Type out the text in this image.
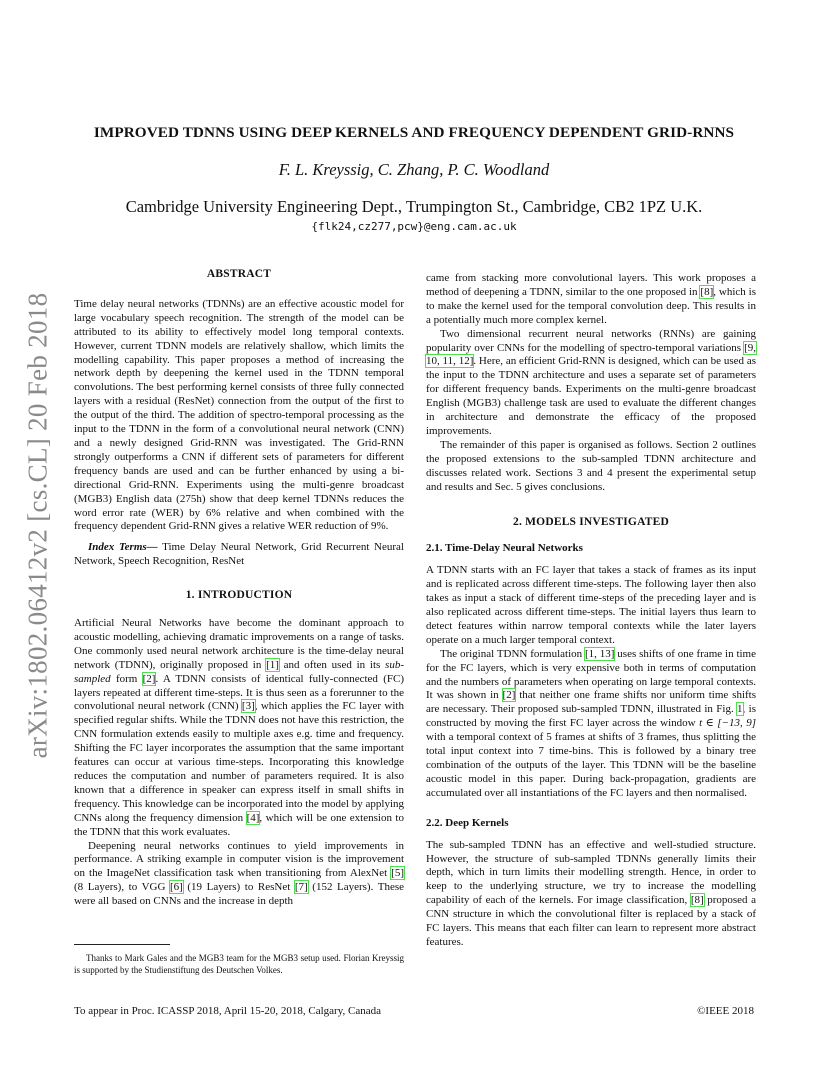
arXiv:1802.06412v2 [cs.CL] 20 Feb 2018
IMPROVED TDNNS USING DEEP KERNELS AND FREQUENCY DEPENDENT GRID-RNNS
F. L. Kreyssig, C. Zhang, P. C. Woodland
Cambridge University Engineering Dept., Trumpington St., Cambridge, CB2 1PZ U.K.
{flk24,cz277,pcw}@eng.cam.ac.uk
ABSTRACT

Time delay neural networks (TDNNs) are an effective acoustic model for large vocabulary speech recognition. The strength of the model can be attributed to its ability to effectively model long temporal contexts. However, current TDNN models are relatively shallow, which limits the modelling capability. This paper proposes a method of increasing the network depth by deepening the kernel used in the TDNN temporal convolutions. The best performing kernel consists of three fully connected layers with a residual (ResNet) connection from the output of the first to the output of the third. The addition of spectro-temporal processing as the input to the TDNN in the form of a convolutional neural network (CNN) and a newly designed Grid-RNN was investigated. The Grid-RNN strongly outperforms a CNN if different sets of parameters for different frequency bands are used and can be further enhanced by using a bi-directional Grid-RNN. Experiments using the multi-genre broadcast (MGB3) English data (275h) show that deep kernel TDNNs reduces the word error rate (WER) by 6% relative and when combined with the frequency dependent Grid-RNN gives a relative WER reduction of 9%.

Index Terms— Time Delay Neural Network, Grid Recurrent Neural Network, Speech Recognition, ResNet

1. INTRODUCTION

Artificial Neural Networks have become the dominant approach to acoustic modelling, achieving dramatic improvements on a range of tasks. One commonly used neural network architecture is the time-delay neural network (TDNN), originally proposed in [1] and often used in its sub-sampled form [2]. A TDNN consists of identical fully-connected (FC) layers repeated at different time-steps. It is thus seen as a forerunner to the convolutional neural network (CNN) [3], which applies the FC layer with specified regular shifts. While the TDNN does not have this restriction, the CNN formulation extends easily to multiple axes e.g. time and frequency. Shifting the FC layer incorporates the assumption that the same important features can occur at various time-steps. Incorporating this knowledge reduces the computation and number of parameters required. It is also known that a difference in speaker can express itself in small shifts in frequency. This knowledge can be incorporated into the model by applying CNNs along the frequency dimension [4], which will be one extension to the TDNN that this work evaluates.

Deepening neural networks continues to yield improvements in performance. A striking example in computer vision is the improvement on the ImageNet classification task when transitioning from AlexNet [5] (8 Layers), to VGG [6] (19 Layers) to ResNet [7] (152 Layers). These were all based on CNNs and the increase in depth

Thanks to Mark Gales and the MGB3 team for the MGB3 setup used. Florian Kreyssig is supported by the Studienstiftung des Deutschen Volkes.

came from stacking more convolutional layers. This work proposes a method of deepening a TDNN, similar to the one proposed in [8], which is to make the kernel used for the temporal convolution deep. This results in a potentially much more complex kernel.

Two dimensional recurrent neural networks (RNNs) are gaining popularity over CNNs for the modelling of spectro-temporal variations [9, 10, 11, 12]. Here, an efficient Grid-RNN is designed, which can be used as the input to the TDNN architecture and uses a separate set of parameters for different frequency bands. Experiments on the multi-genre broadcast English (MGB3) challenge task are used to evaluate the different changes in architecture and demonstrate the efficacy of the proposed improvements.

The remainder of this paper is organised as follows. Section 2 outlines the proposed extensions to the sub-sampled TDNN architecture and discusses related work. Sections 3 and 4 present the experimental setup and results and Sec. 5 gives conclusions.

2. MODELS INVESTIGATED
2.1. Time-Delay Neural Networks

A TDNN starts with an FC layer that takes a stack of frames as its input and is replicated across different time-steps. The following layer then also takes as input a stack of different time-steps of the preceding layer and is also replicated across different time-steps. The initial layers thus learn to detect features within narrow temporal contexts while the later layers operate on a much larger temporal context.

The original TDNN formulation [1, 13] uses shifts of one frame in time for the FC layers, which is very expensive both in terms of computation and the numbers of parameters when operating on large temporal contexts. It was shown in [2] that neither one frame shifts nor uniform time shifts are necessary. Their proposed sub-sampled TDNN, illustrated in Fig. 1, is constructed by moving the first FC layer across the window t ∈ [−13, 9] with a temporal context of 5 frames at shifts of 3 frames, thus splitting the total input context into 7 time-bins. This is followed by a binary tree combination of the outputs of the layer. This TDNN will be the baseline acoustic model in this paper. During back-propagation, gradients are accumulated over all instantiations of the FC layers and then normalised.

2.2. Deep Kernels

The sub-sampled TDNN has an effective and well-studied structure. However, the structure of sub-sampled TDNNs generally limits their depth, which in turn limits their modelling strength. Hence, in order to keep to the underlying structure, we try to increase the modelling capability of each of the kernels. For image classification, [8] proposed a CNN structure in which the convolutional filter is replaced by a stack of FC layers. This means that each filter can learn to represent more abstract features.

To appear in Proc. ICASSP 2018, April 15-20, 2018, Calgary, Canada	©IEEE 2018
